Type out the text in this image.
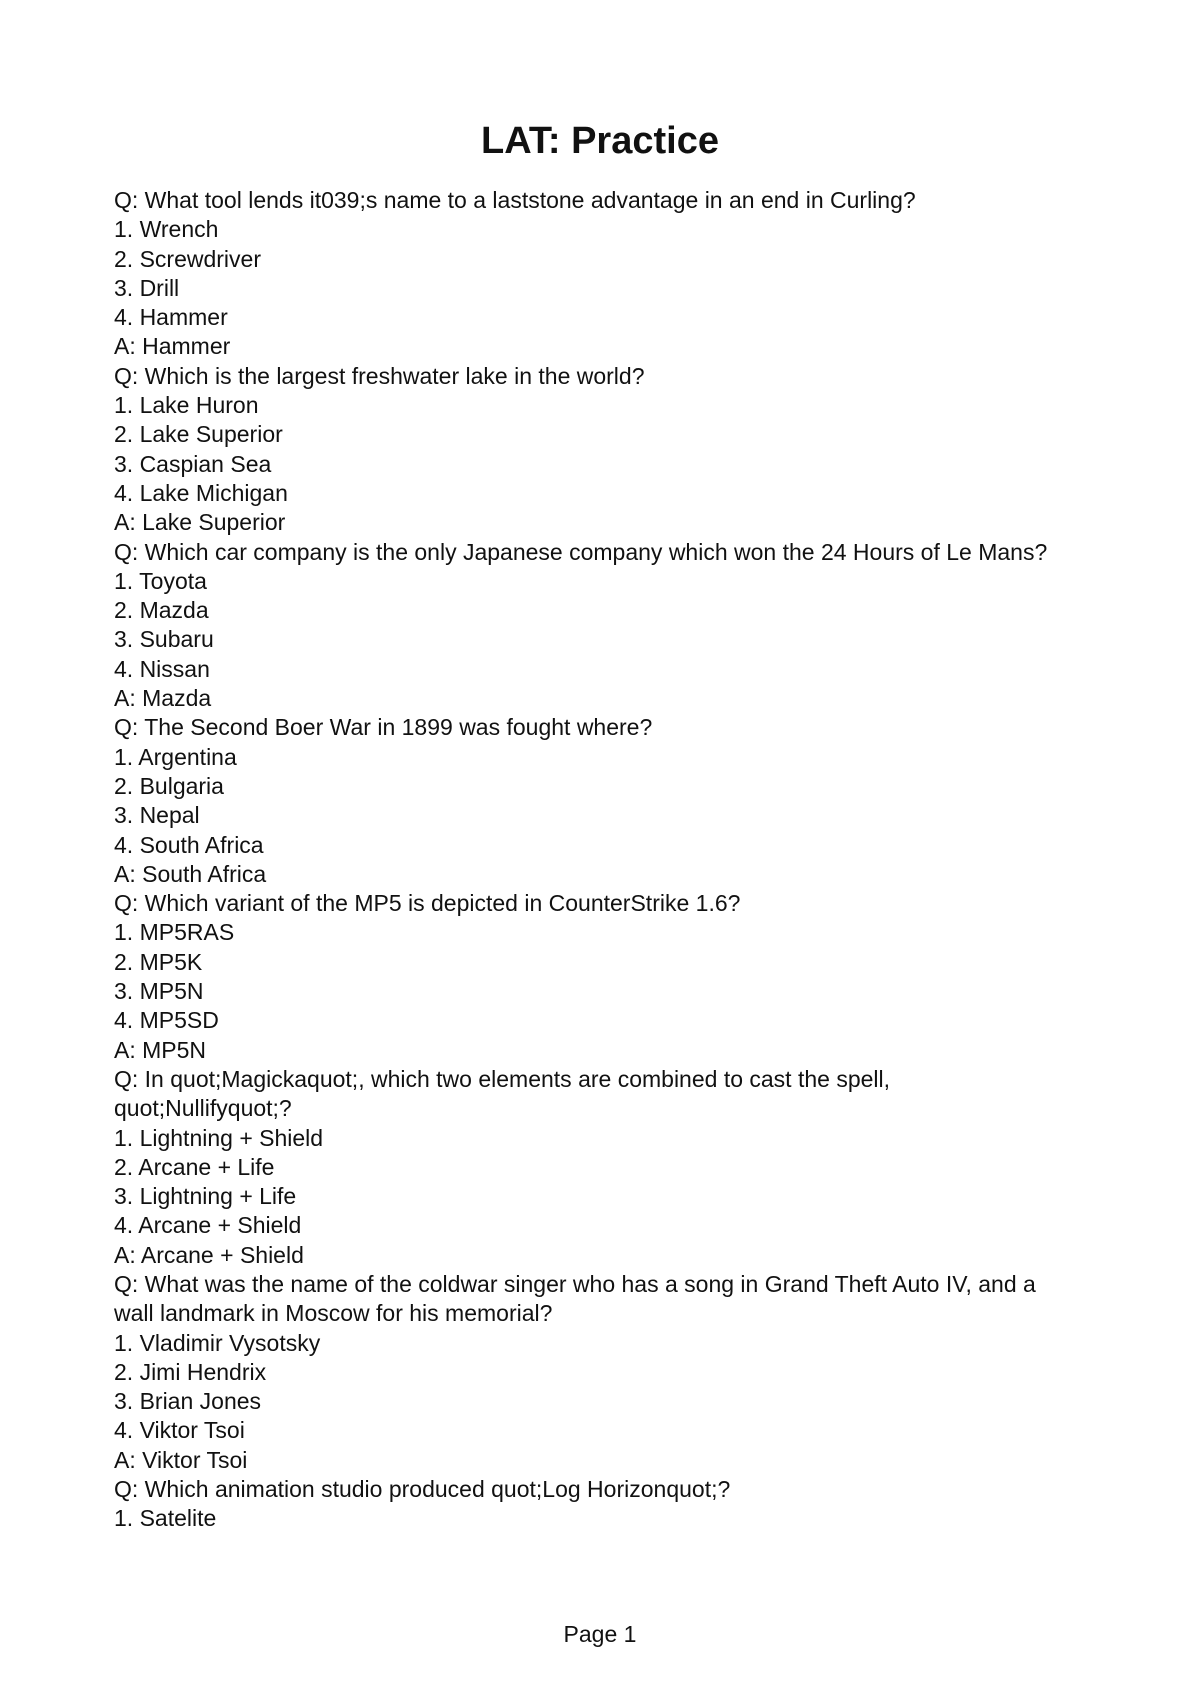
LAT: Practice
Q: What tool lends it039;s name to a laststone advantage in an end in Curling?
1. Wrench
2. Screwdriver
3. Drill
4. Hammer
A: Hammer
Q: Which is the largest freshwater lake in the world?
1. Lake Huron
2. Lake Superior
3. Caspian Sea
4. Lake Michigan
A: Lake Superior
Q: Which car company is the only Japanese company which won the 24 Hours of Le Mans?
1. Toyota
2. Mazda
3. Subaru
4. Nissan
A: Mazda
Q: The Second Boer War in 1899 was fought where?
1. Argentina
2. Bulgaria
3. Nepal
4. South Africa
A: South Africa
Q: Which variant of the MP5 is depicted in CounterStrike 1.6?
1. MP5RAS
2. MP5K
3. MP5N
4. MP5SD
A: MP5N
Q: In quot;Magickaquot;, which two elements are combined to cast the spell, quot;Nullifyquot;?
1. Lightning + Shield
2. Arcane + Life
3. Lightning + Life
4. Arcane + Shield
A: Arcane + Shield
Q: What was the name of the coldwar singer who has a song in Grand Theft Auto IV, and a wall landmark in Moscow for his memorial?
1. Vladimir Vysotsky
2. Jimi Hendrix
3. Brian Jones
4. Viktor Tsoi
A: Viktor Tsoi
Q: Which animation studio produced quot;Log Horizonquot;?
1. Satelite
Page 1
